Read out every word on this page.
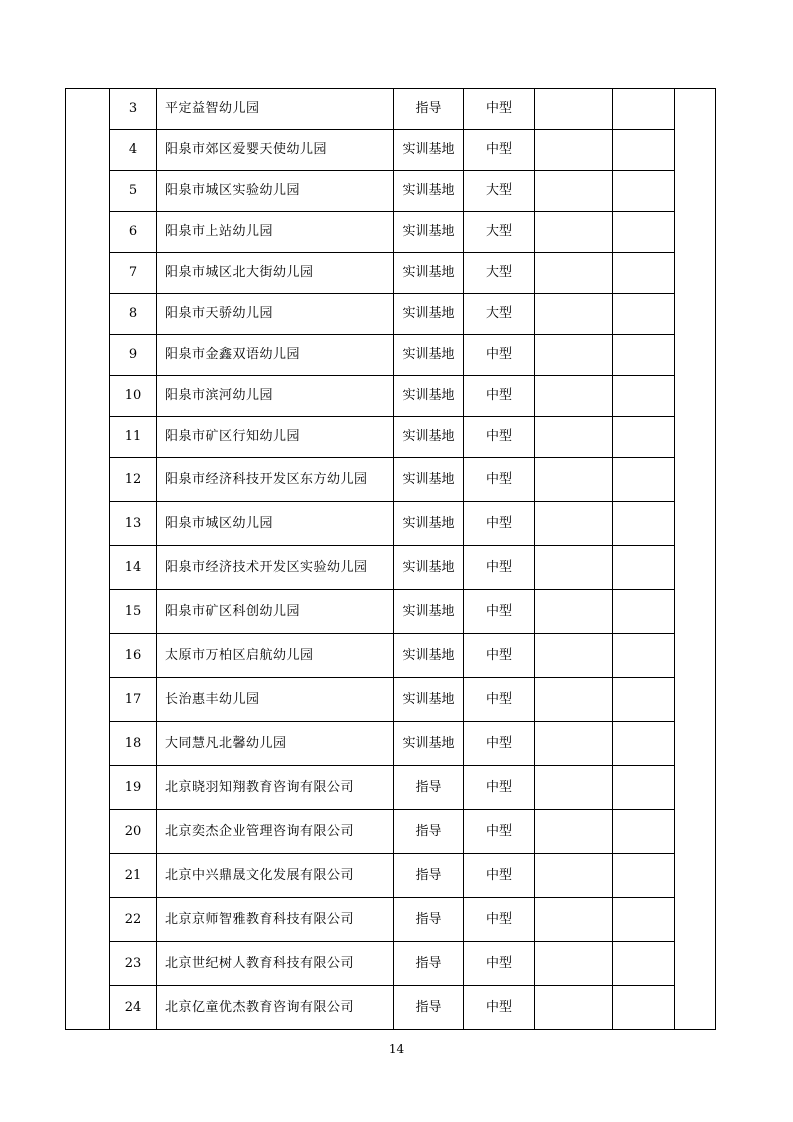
	3	平定益智幼儿园	指导	中型			
	4	阳泉市郊区爱婴天使幼儿园	实训基地	中型			
	5	阳泉市城区实验幼儿园	实训基地	大型			
	6	阳泉市上站幼儿园	实训基地	大型			
	7	阳泉市城区北大街幼儿园	实训基地	大型			
	8	阳泉市天骄幼儿园	实训基地	大型			
	9	阳泉市金鑫双语幼儿园	实训基地	中型			
	10	阳泉市滨河幼儿园	实训基地	中型			
	11	阳泉市矿区行知幼儿园	实训基地	中型			
	12	阳泉市经济科技开发区东方幼儿园	实训基地	中型			
	13	阳泉市城区幼儿园	实训基地	中型			
	14	阳泉市经济技术开发区实验幼儿园	实训基地	中型			
	15	阳泉市矿区科创幼儿园	实训基地	中型			
	16	太原市万柏区启航幼儿园	实训基地	中型			
	17	长治惠丰幼儿园	实训基地	中型			
	18	大同慧凡北馨幼儿园	实训基地	中型			
	19	北京晓羽知翔教育咨询有限公司	指导	中型			
	20	北京奕杰企业管理咨询有限公司	指导	中型			
	21	北京中兴鼎晟文化发展有限公司	指导	中型			
	22	北京京师智雅教育科技有限公司	指导	中型			
	23	北京世纪树人教育科技有限公司	指导	中型			
	24	北京亿童优杰教育咨询有限公司	指导	中型			
14
